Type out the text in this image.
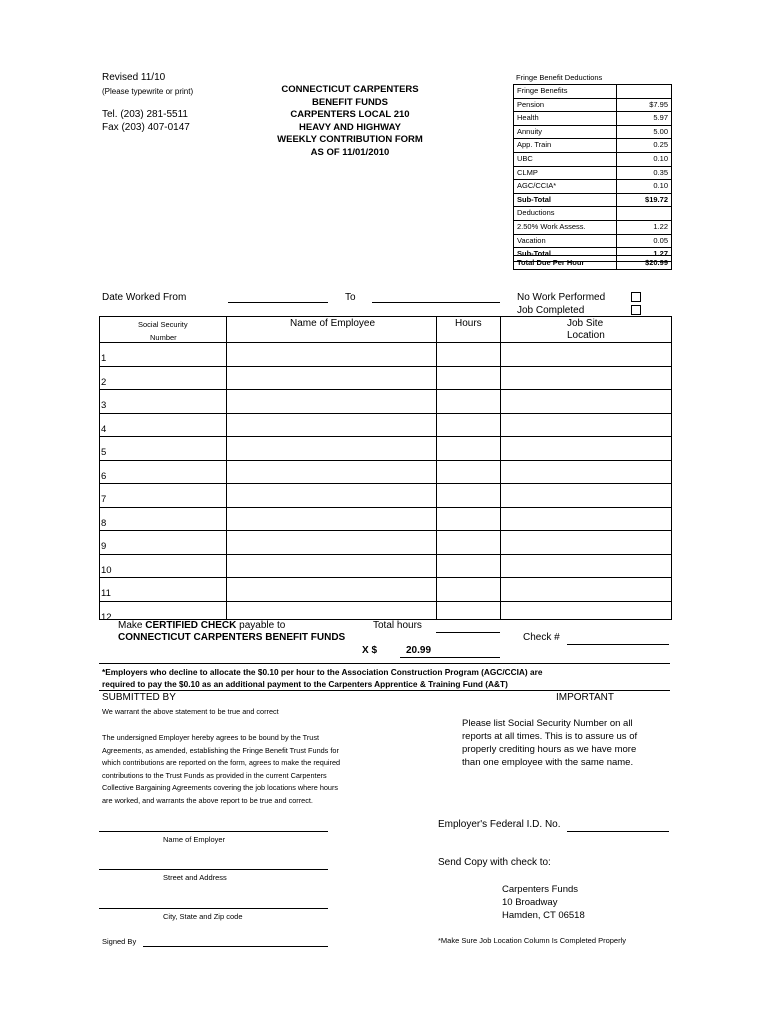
Revised 11/10
(Please typewrite or print)
Tel. (203) 281-5511
Fax (203) 407-0147
CONNECTICUT CARPENTERS
BENEFIT FUNDS
CARPENTERS LOCAL 210
HEAVY AND HIGHWAY
WEEKLY CONTRIBUTION FORM
AS OF 11/01/2010
Fringe Benefit Deductions
Fringe Benefits
Pension	$7.95
Health	5.97
Annuity	5.00
App. Train	0.25
UBC	0.10
CLMP	0.35
AGC/CCIA*	0.10
Sub-Total	$19.72
Deductions
2.50% Work Assess.	1.22
Vacation	0.05
Sub-Total	1.27
Total Due Per Hour	$20.99
Date Worked From	To	No Work Performed
Job Completed
Social Security
Number
Name of Employee	Hours	Job Site
Location
1
2
3
4
5
6
7
8
9
10
11
12
Make CERTIFIED CHECK payable to
CONNECTICUT CARPENTERS BENEFIT FUNDS
Total hours
X $	20.99
Check #
*Employers who decline to allocate the $0.10 per hour to the Association Construction Program (AGC/CCIA) are
required to pay the $0.10 as an additional payment to the Carpenters Apprentice & Training Fund (A&T)
SUBMITTED BY	IMPORTANT
We warrant the above statement to be true and correct
The undersigned Employer hereby agrees to be bound by the Trust
Agreements, as amended, establishing the Fringe Benefit Trust Funds for
which contributions are reported on the form, agrees to make the required
contributions to the Trust Funds as provided in the current Carpenters
Collective Bargaining Agreements covering the job locations where hours
are worked, and warrants the above report to be true and correct.
Please list Social Security Number on all
reports at all times. This is to assure us of
properly crediting hours as we have more
than one employee with the same name.
Employer's Federal I.D. No.
Name of Employer
Street and Address
City, State and Zip code
Signed By
Send Copy with check to:
Carpenters Funds
10 Broadway
Hamden, CT 06518
*Make Sure Job Location Column Is Completed Properly
